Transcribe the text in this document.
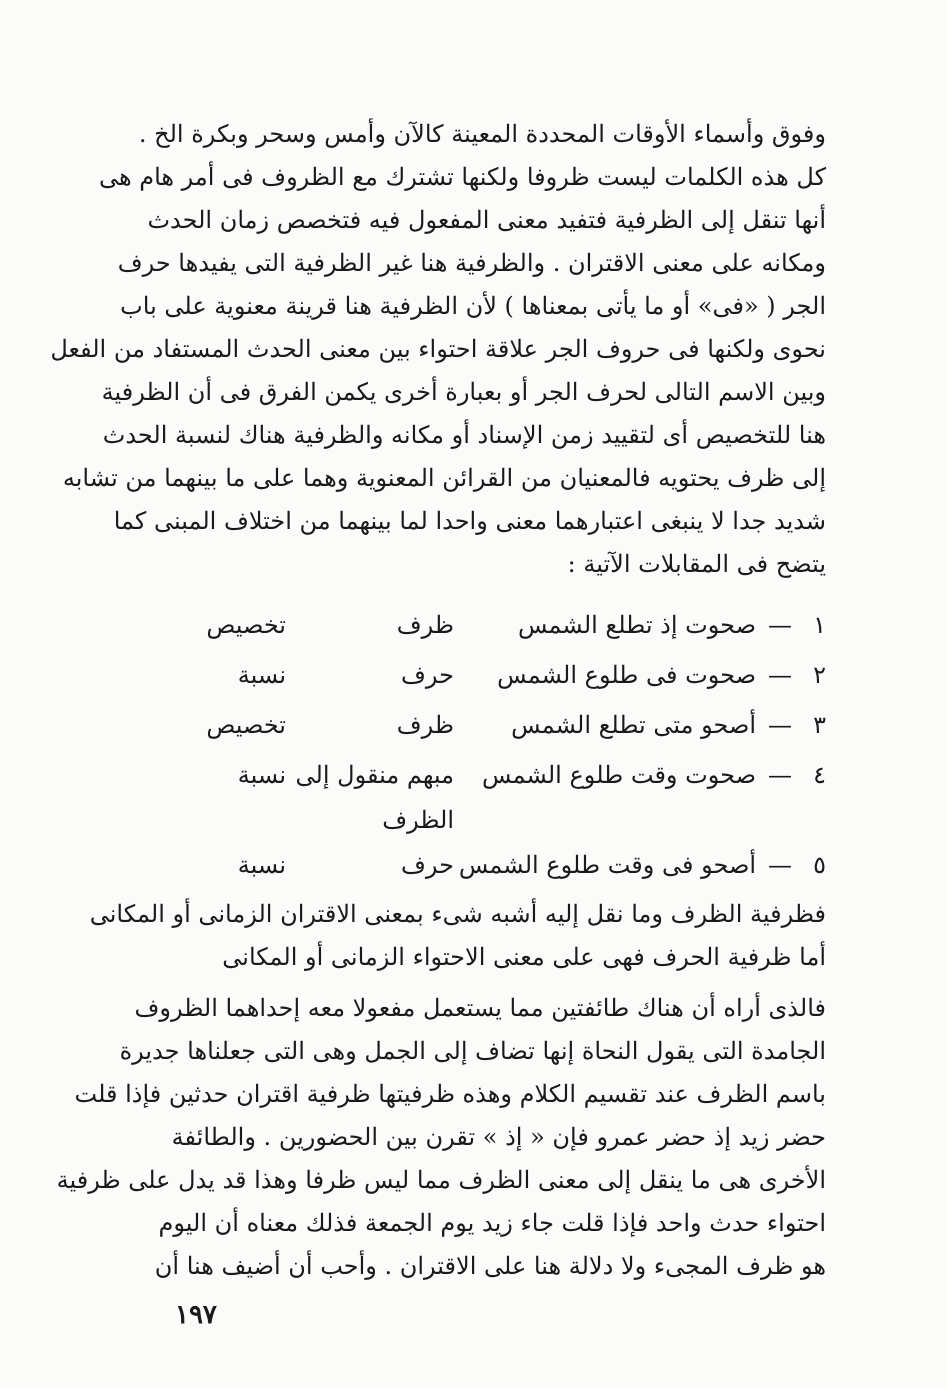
وفوق وأسماء الأوقات المحددة المعينة كالآن وأمس وسحر وبكرة الخ .
كل هذه الكلمات ليست ظروفا ولكنها تشترك مع الظروف فى أمر هام هى
أنها تنقل إلى الظرفية فتفيد معنى المفعول فيه فتخصص زمان الحدث
ومكانه على معنى الاقتران . والظرفية هنا غير الظرفية التى يفيدها حرف
الجر ( «فى» أو ما يأتى بمعناها ) لأن الظرفية هنا قرينة معنوية على باب
نحوى ولكنها فى حروف الجر علاقة احتواء بين معنى الحدث المستفاد من الفعل
وبين الاسم التالى لحرف الجر أو بعبارة أخرى يكمن الفرق فى أن الظرفية
هنا للتخصيص أى لتقييد زمن الإسناد أو مكانه والظرفية هناك لنسبة الحدث
إلى ظرف يحتويه فالمعنيان من القرائن المعنوية وهما على ما بينهما من تشابه
شديد جدا لا ينبغى اعتبارهما معنى واحدا لما بينهما من اختلاف المبنى كما
يتضح فى المقابلات الآتية :
١
—
صحوت إذ تطلع الشمس
ظرف
تخصيص
٢
—
صحوت فى طلوع الشمس
حرف
نسبة
٣
—
أصحو متى تطلع الشمس
ظرف
تخصيص
٤
—
صحوت وقت طلوع الشمس
مبهم منقول إلى
نسبة
الظرف
٥
—
أصحو فى وقت طلوع الشمس
حرف
نسبة
فظرفية الظرف وما نقل إليه أشبه شىء بمعنى الاقتران الزمانى أو المكانى
أما ظرفية الحرف فهى على معنى الاحتواء الزمانى أو المكانى
فالذى أراه أن هناك طائفتين مما يستعمل مفعولا معه إحداهما الظروف
الجامدة التى يقول النحاة إنها تضاف إلى الجمل وهى التى جعلناها جديرة
باسم الظرف عند تقسيم الكلام وهذه ظرفيتها ظرفية اقتران حدثين فإذا قلت
حضر زيد إذ حضر عمرو فإن « إذ » تقرن بين الحضورين . والطائفة
الأخرى هى ما ينقل إلى معنى الظرف مما ليس ظرفا وهذا قد يدل على ظرفية
احتواء حدث واحد فإذا قلت جاء زيد يوم الجمعة فذلك معناه أن اليوم
هو ظرف المجىء ولا دلالة هنا على الاقتران . وأحب أن أضيف هنا أن
١٩٧
